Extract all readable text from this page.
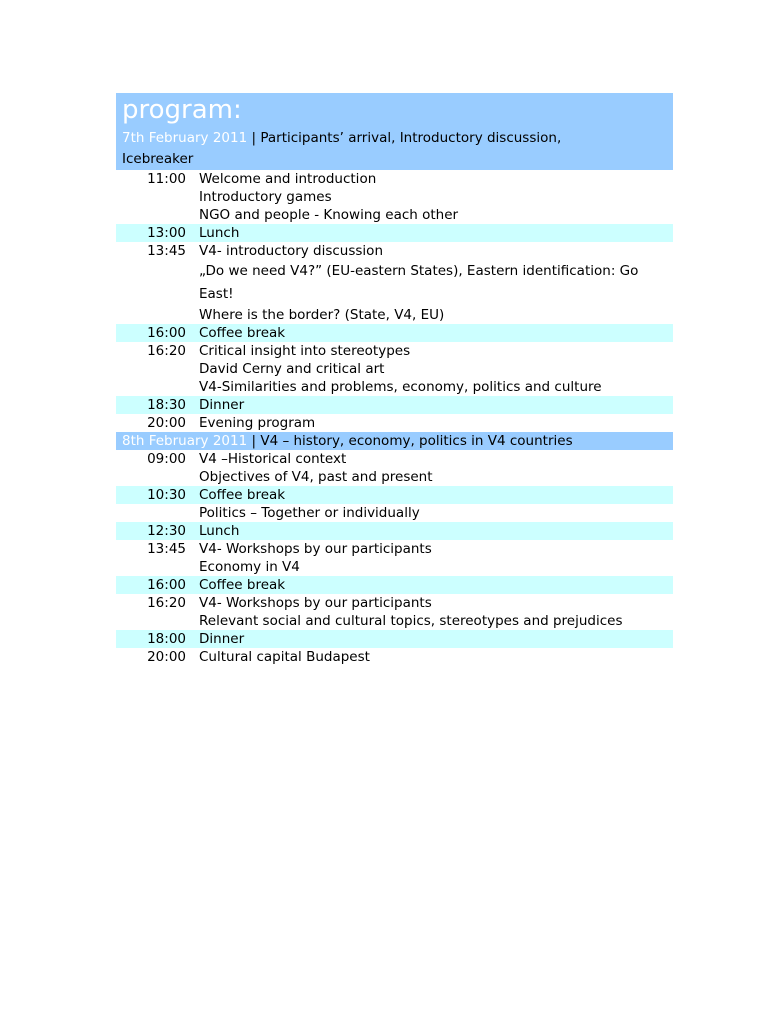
program:
7th February 2011 | Participants’ arrival, Introductory discussion,
Icebreaker
11:00 Welcome and introduction
Introductory games
NGO and people - Knowing each other
13:00 Lunch
13:45 V4- introductory discussion
„Do we need V4?” (EU-eastern States), Eastern identification: Go
East!
Where is the border? (State, V4, EU)
16:00 Coffee break
16:20 Critical insight into stereotypes
David Cerny and critical art
V4-Similarities and problems, economy, politics and culture
18:30 Dinner
20:00 Evening program
8th February 2011 | V4 – history, economy, politics in V4 countries
09:00 V4 –Historical context
Objectives of V4, past and present
10:30 Coffee break
Politics – Together or individually
12:30 Lunch
13:45 V4- Workshops by our participants
Economy in V4
16:00 Coffee break
16:20 V4- Workshops by our participants
Relevant social and cultural topics, stereotypes and prejudices
18:00 Dinner
20:00 Cultural capital Budapest
